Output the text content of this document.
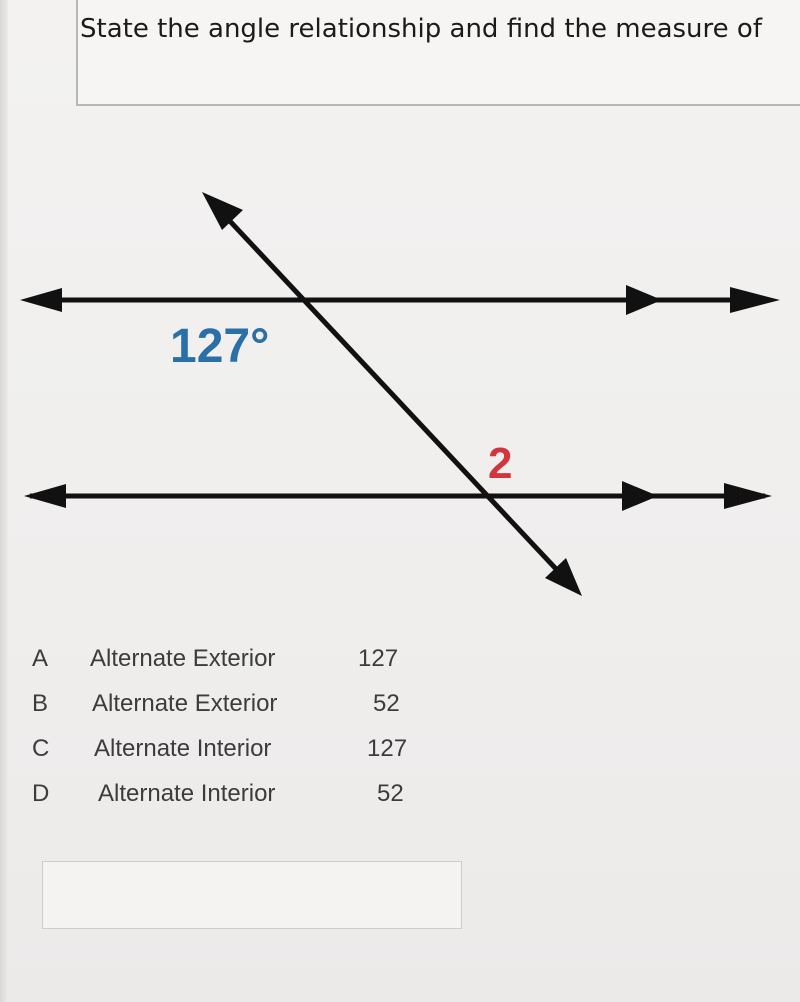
State the angle relationship and find the measure of
127°
2
A Alternate Exterior	127
B Alternate Exterior	52
C Alternate Interior	127
D Alternate Interior	52
